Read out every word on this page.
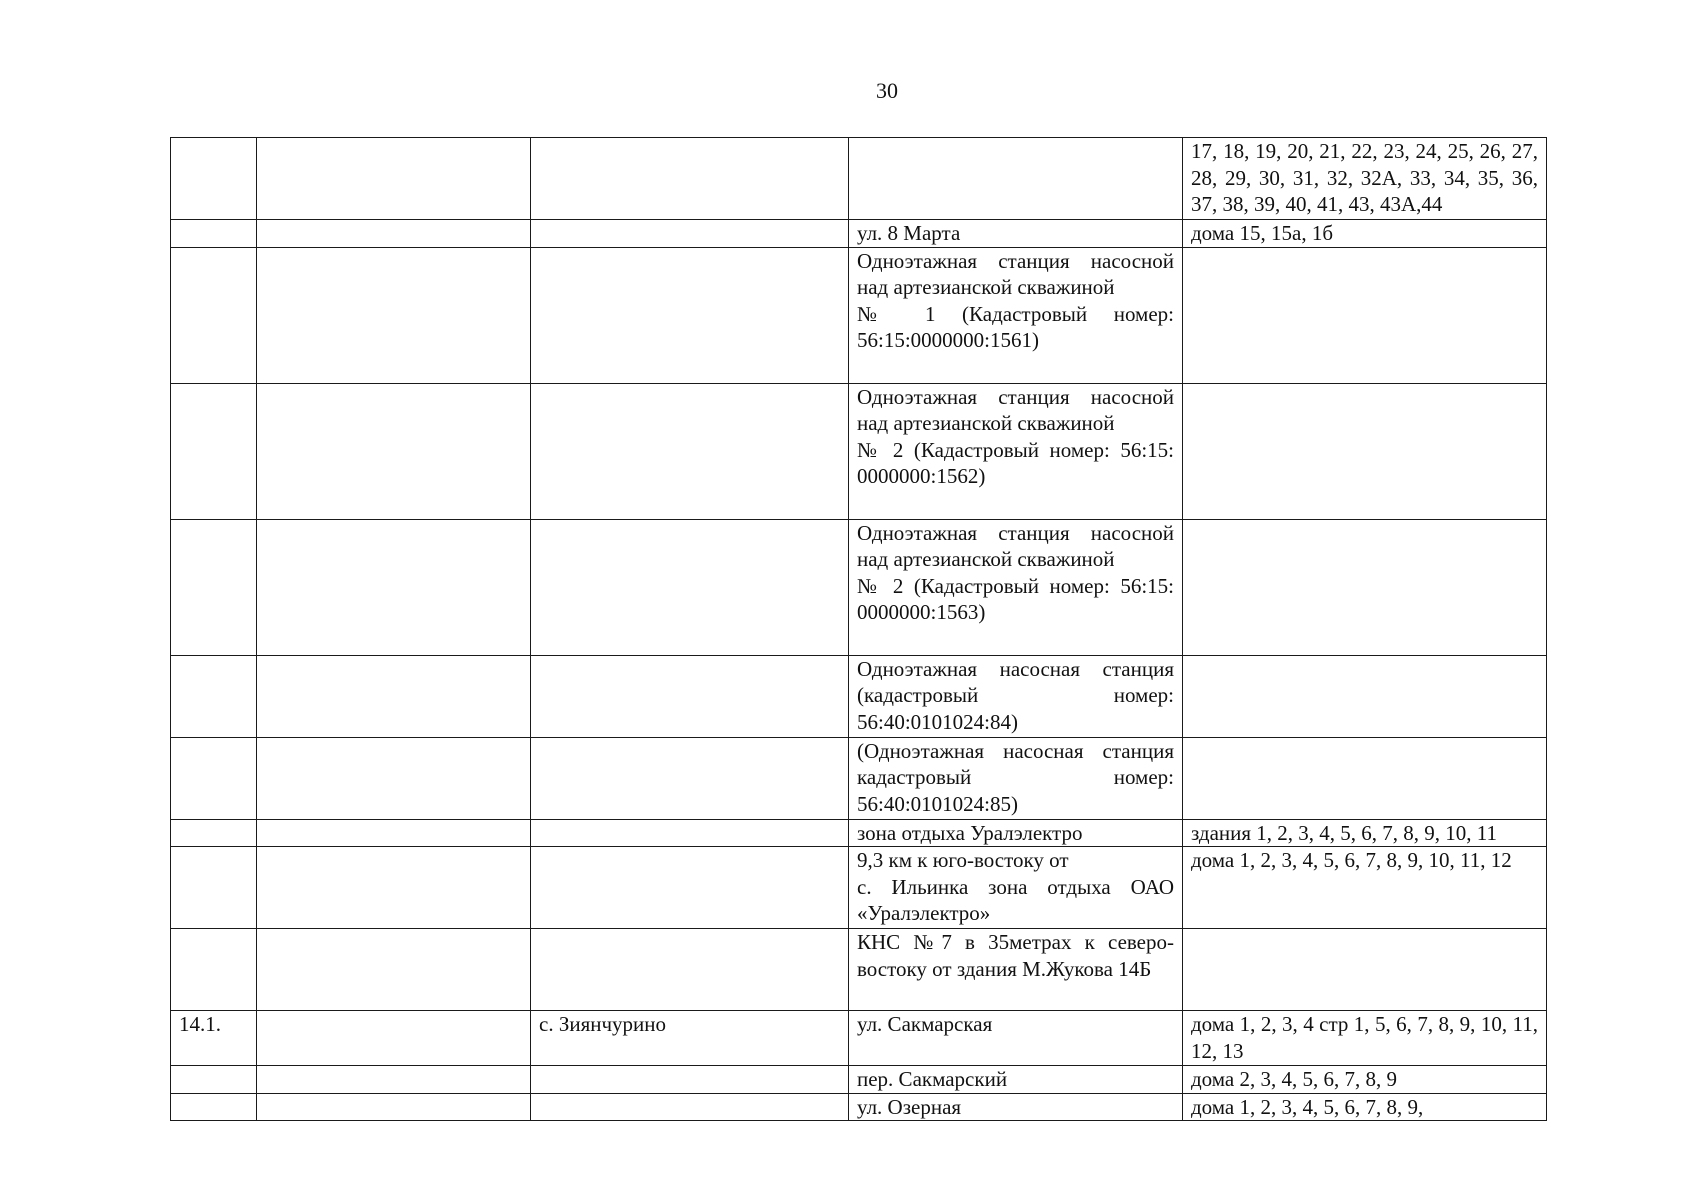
30
				17, 18, 19, 20, 21, 22, 23, 24, 25, 26, 27, 28, 29, 30, 31, 32, 32А, 33, 34, 35, 36, 37, 38, 39, 40, 41, 43, 43А,44
			ул. 8 Марта	дома 15, 15а, 1б

			Одноэтажная станция насосной над артезианской скважиной
№ 1 (Кадастровый номер: 56:15:0000000:1561)	

			Одноэтажная станция насосной над артезианской скважиной
№ 2 (Кадастровый номер: 56:15: 0000000:1562)	

			Одноэтажная станция насосной над артезианской скважиной
№ 2 (Кадастровый номер: 56:15: 0000000:1563)	

			Одноэтажная насосная станция (кадастровый номер: 56:40:0101024:84)	
			(Одноэтажная насосная станция кадастровый номер: 56:40:0101024:85)	
			зона отдыха Уралэлектро	здания 1, 2, 3, 4, 5, 6, 7, 8, 9, 10, 11

			9,3 км к юго-востоку от
с. Ильинка зона отдыха ОАО «Уралэлектро»	дома 1, 2, 3, 4, 5, 6, 7, 8, 9, 10, 11, 12
			КНС №7 в 35метрах к северо-востоку от здания М.Жукова 14Б	
14.1.		с. Зиянчурино	ул. Сакмарская	дома 1, 2, 3, 4 стр 1, 5, 6, 7, 8, 9, 10, 11, 12, 13
			пер. Сакмарский	дома 2, 3, 4, 5, 6, 7, 8, 9
			ул. Озерная	дома 1, 2, 3, 4, 5, 6, 7, 8, 9,
